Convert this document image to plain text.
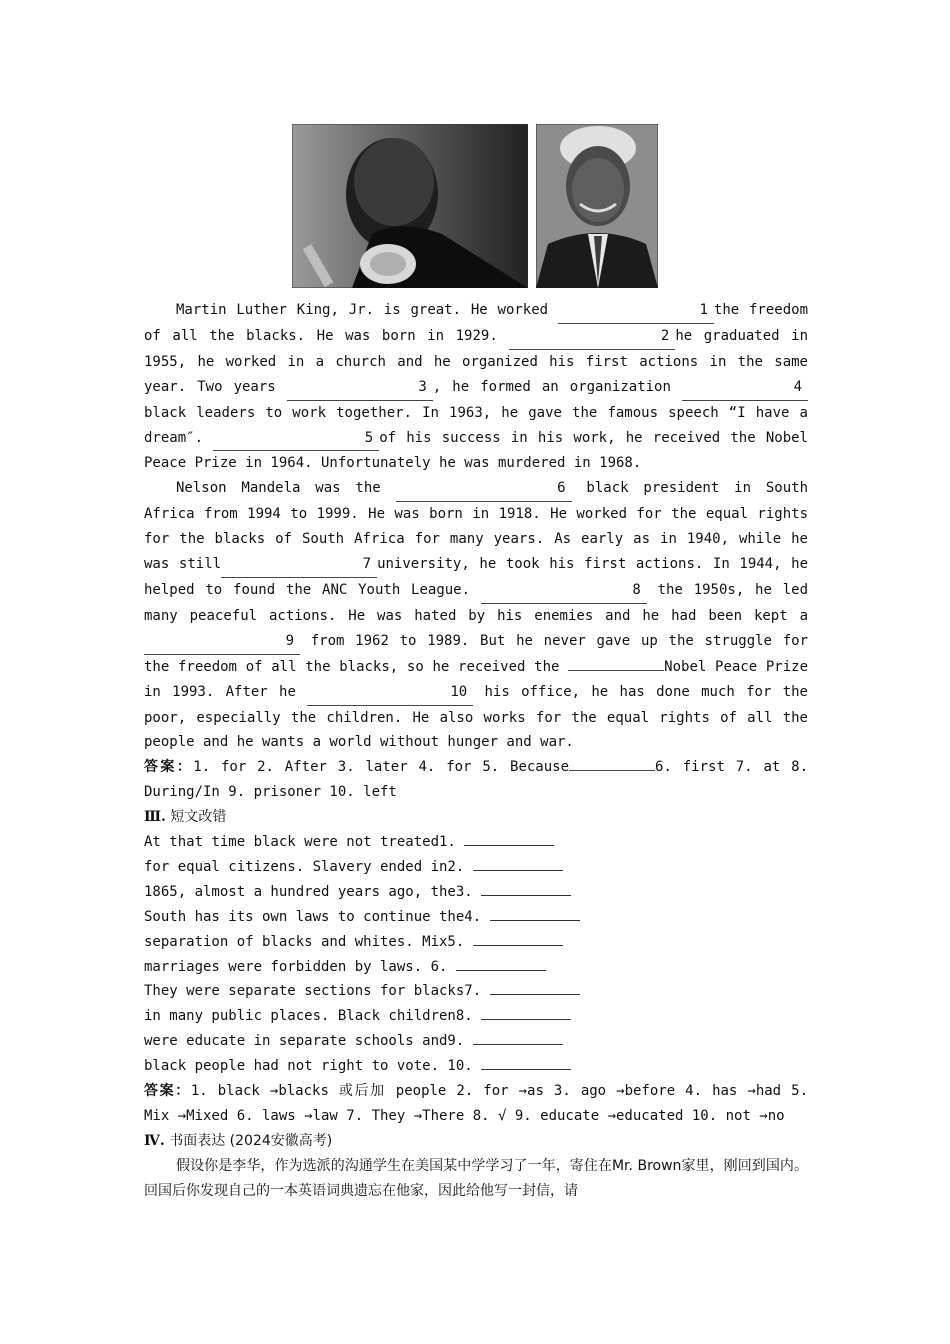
Martin Luther King, Jr. is great. He worked	1 the freedom of all the blacks. He was born in 1929.	2 he graduated in 1955, he worked in a church and he organized his first actions in the same year. Two years	3 , he formed an organization	4 black leaders to work together. In 1963, he gave the famous speech “I have a dream″.	5 of his success in his work, he received the Nobel Peace Prize in 1964. Unfortunately he was murdered in 1968.

Nelson Mandela was the	6 black president in South Africa from 1994 to 1999. He was born in 1918. He worked for the equal rights for the blacks of South Africa for many years. As early as in 1940, while he was still	7 university, he took his first actions. In 1944, he helped to found the ANC Youth League.	8 the 1950s, he led many peaceful actions. He was hated by his enemies and he had been kept a 9 from 1962 to 1989. But he never gave up the struggle for the freedom of all the blacks, so he received the	Nobel Peace Prize in 1993. After he	10 his office, he has done much for the poor, especially the children. He also works for the equal rights of all the people and he wants a world without hunger and war.

答案：1. for 2. After 3. later 4. for 5. Because	6. first 7. at 8. During/In 9. prisoner 10. left

Ⅲ. 短文改错

At that time black were not treated1.

for equal citizens. Slavery ended in2.

1865, almost a hundred years ago, the3.

South has its own laws to continue the4.

separation of blacks and whites. Mix5.

marriages were forbidden by laws. 6.

They were separate sections for blacks7.

in many public places. Black children8.

were educate in separate schools and9.

black people had not right to vote. 10.

答案：1. black →blacks 或后加 people 2. for →as 3. ago →before 4. has →had 5. Mix →Mixed 6. laws →law 7. They →There 8. √ 9. educate →educated 10. not →no

Ⅳ. 书面表达 (2024安徽高考)

假设你是李华，作为选派的沟通学生在美国某中学学习了一年，寄住在Mr. Brown家里，刚回到国内。回国后你发现自己的一本英语词典遗忘在他家，因此给他写一封信，请
